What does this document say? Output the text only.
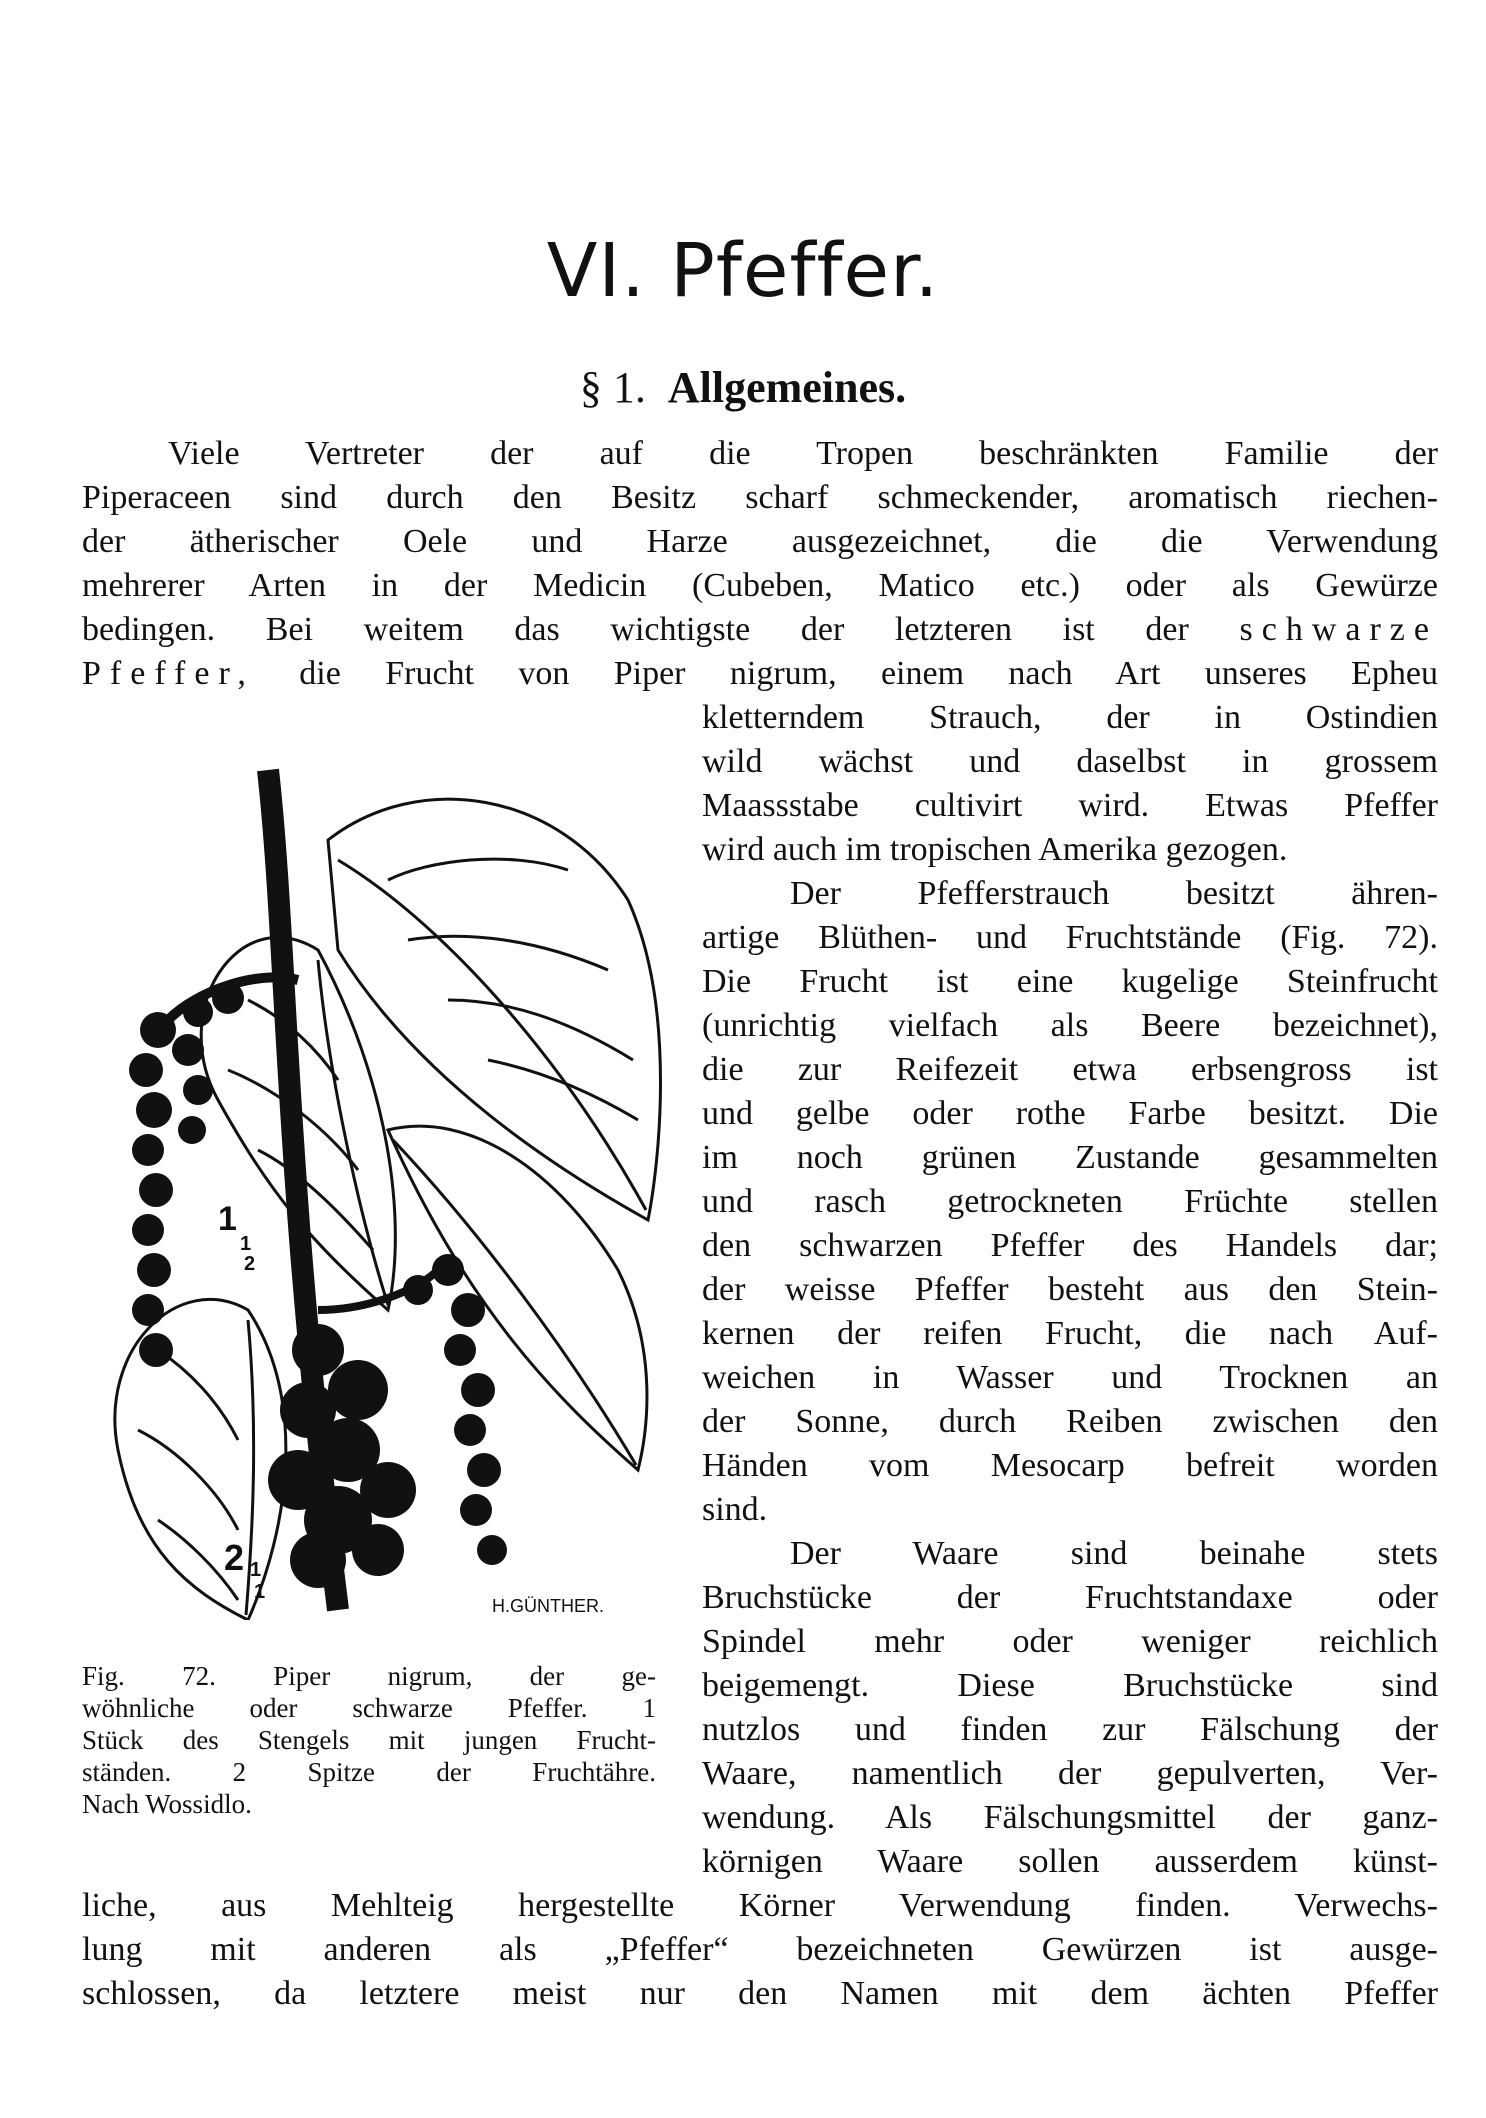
VI. Pfeffer.
§ 1. Allgemeines.
Viele Vertreter der auf die Tropen beschränkten Familie der
Piperaceen sind durch den Besitz scharf schmeckender, aromatisch riechen-
der ätherischer Oele und Harze ausgezeichnet, die die Verwendung
mehrerer Arten in der Medicin (Cubeben, Matico etc.) oder als Gewürze
bedingen. Bei weitem das wichtigste der letzteren ist der schwarze
Pfeffer, die Frucht von Piper nigrum, einem nach Art unseres Epheu
kletterndem Strauch, der in Ostindien
wild wächst und daselbst in grossem
Maassstabe cultivirt wird. Etwas Pfeffer
wird auch im tropischen Amerika gezogen.
Der Pfefferstrauch besitzt ähren-
artige Blüthen- und Fruchtstände (Fig. 72).
Die Frucht ist eine kugelige Steinfrucht
(unrichtig vielfach als Beere bezeichnet),
die zur Reifezeit etwa erbsengross ist
und gelbe oder rothe Farbe besitzt. Die
im noch grünen Zustande gesammelten
und rasch getrockneten Früchte stellen
den schwarzen Pfeffer des Handels dar;
der weisse Pfeffer besteht aus den Stein-
kernen der reifen Frucht, die nach Auf-
weichen in Wasser und Trocknen an
der Sonne, durch Reiben zwischen den
Händen vom Mesocarp befreit worden
sind.
Der Waare sind beinahe stets
Bruchstücke der Fruchtstandaxe oder
Spindel mehr oder weniger reichlich
beigemengt. Diese Bruchstücke sind
nutzlos und finden zur Fälschung der
Waare, namentlich der gepulverten, Ver-
wendung. Als Fälschungsmittel der ganz-
körnigen Waare sollen ausserdem künst-
liche, aus Mehlteig hergestellte Körner Verwendung finden. Verwechs-
lung mit anderen als „Pfeffer“ bezeichneten Gewürzen ist ausge-
schlossen, da letztere meist nur den Namen mit dem ächten Pfeffer
1
1
2
2 1
1
H.GÜNTHER.
Fig. 72. Piper nigrum, der ge-
wöhnliche oder schwarze Pfeffer. 1
Stück des Stengels mit jungen Frucht-
ständen. 2 Spitze der Fruchtähre.
Nach Wossidlo.
